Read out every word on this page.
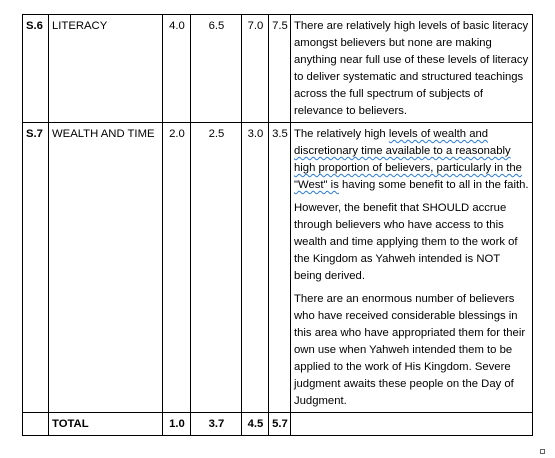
S.6	LITERACY	4.0	6.5	7.0	7.5	There are relatively high levels of basic literacy amongst believers but none are making anything near full use of these levels of literacy to deliver systematic and structured teachings across the full spectrum of subjects of relevance to believers.

S.7	WEALTH AND TIME	2.0	2.5	3.0	3.5	The relatively high levels of wealth and discretionary time available to a reasonably high proportion of believers, particularly in the "West" is having some benefit to all in the faith.

However, the benefit that SHOULD accrue through believers who have access to this wealth and time applying them to the work of the Kingdom as Yahweh intended is NOT being derived.

There are an enormous number of believers who have received considerable blessings in this area who have appropriated them for their own use when Yahweh intended them to be applied to the work of His Kingdom. Severe judgment awaits these people on the Day of Judgment.

	TOTAL	1.0	3.7	4.5	5.7	
